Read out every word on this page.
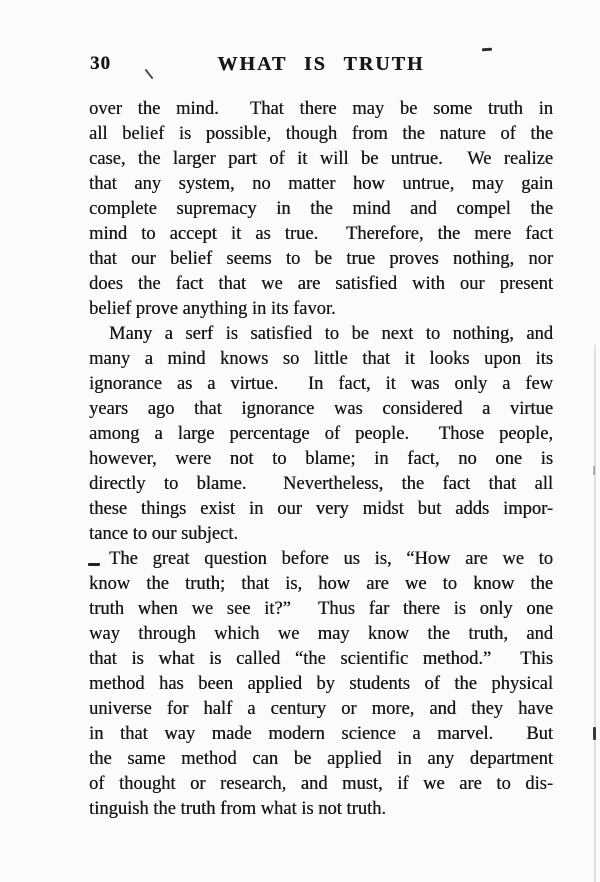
30	WHAT IS TRUTH
over the mind.  That there may be some truth in
all belief is possible, though from the nature of the
case, the larger part of it will be untrue.  We realize
that any system, no matter how untrue, may gain
complete supremacy in the mind and compel the
mind to accept it as true.  Therefore, the mere fact
that our belief seems to be true proves nothing, nor
does the fact that we are satisfied with our present
belief prove anything in its favor.
Many a serf is satisfied to be next to nothing, and
many a mind knows so little that it looks upon its
ignorance as a virtue.  In fact, it was only a few
years ago that ignorance was considered a virtue
among a large percentage of people.  Those people,
however, were not to blame; in fact, no one is
directly to blame.  Nevertheless, the fact that all
these things exist in our very midst but adds impor-
tance to our subject.
The great question before us is, “How are we to
know the truth; that is, how are we to know the
truth when we see it?”  Thus far there is only one
way through which we may know the truth, and
that is what is called “the scientific method.”  This
method has been applied by students of the physical
universe for half a century or more, and they have
in that way made modern science a marvel.  But
the same method can be applied in any department
of thought or research, and must, if we are to dis-
tinguish the truth from what is not truth.
